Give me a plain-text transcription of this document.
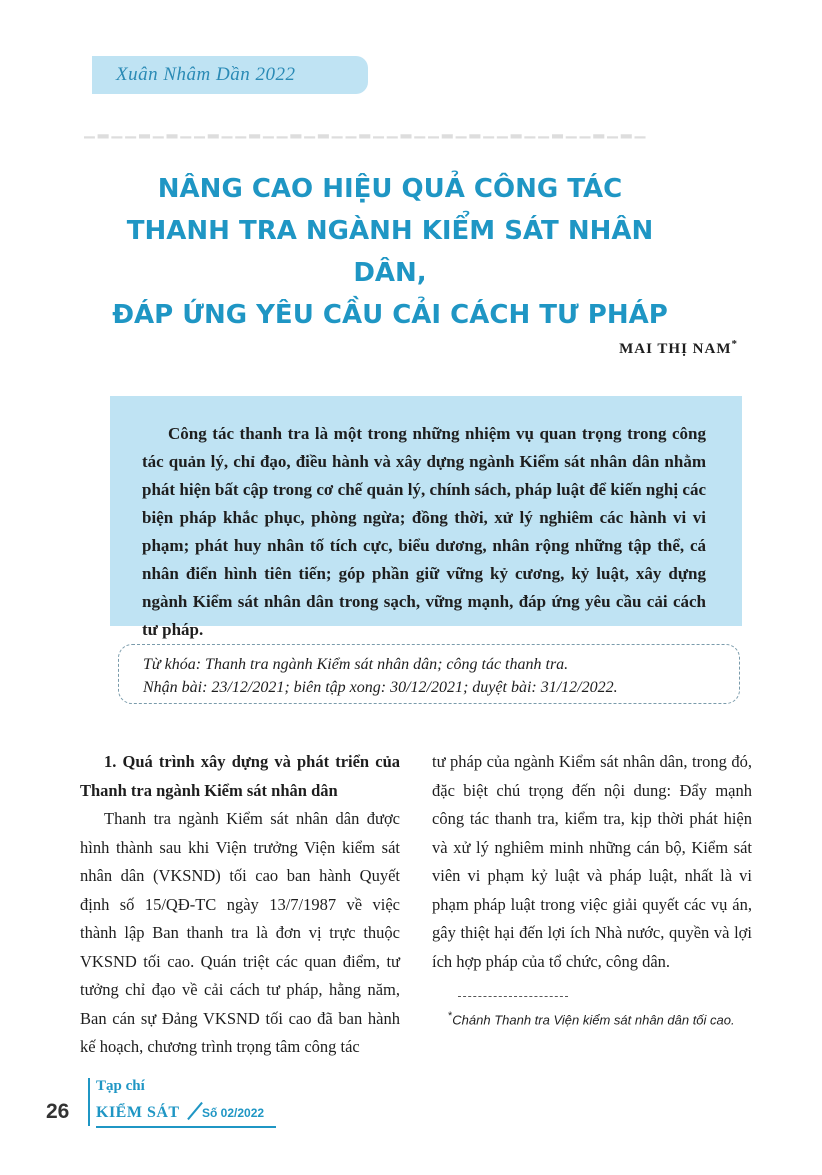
Xuân Nhâm Dần 2022
▁▂▁▁▂▁▂▁▁▂▁▁▂▁▁▂▁▂▁▁▂▁▁▂▁▁▂▁▂▁▁▂▁▁▂▁▁▂▁▂▁
NÂNG CAO HIỆU QUẢ CÔNG TÁC
THANH TRA NGÀNH KIỂM SÁT NHÂN DÂN,
ĐÁP ỨNG YÊU CẦU CẢI CÁCH TƯ PHÁP
MAI THỊ NAM*

Công tác thanh tra là một trong những nhiệm vụ quan trọng trong công tác quản lý, chỉ đạo, điều hành và xây dựng ngành Kiểm sát nhân dân nhằm phát hiện bất cập trong cơ chế quản lý, chính sách, pháp luật để kiến nghị các biện pháp khắc phục, phòng ngừa; đồng thời, xử lý nghiêm các hành vi vi phạm; phát huy nhân tố tích cực, biểu dương, nhân rộng những tập thể, cá nhân điển hình tiên tiến; góp phần giữ vững kỷ cương, kỷ luật, xây dựng ngành Kiểm sát nhân dân trong sạch, vững mạnh, đáp ứng yêu cầu cải cách tư pháp.

Từ khóa: Thanh tra ngành Kiểm sát nhân dân; công tác thanh tra.
Nhận bài: 23/12/2021; biên tập xong: 30/12/2021; duyệt bài: 31/12/2022.

1. Quá trình xây dựng và phát triển của Thanh tra ngành Kiểm sát nhân dân

Thanh tra ngành Kiểm sát nhân dân được hình thành sau khi Viện trưởng Viện kiểm sát nhân dân (VKSND) tối cao ban hành Quyết định số 15/QĐ-TC ngày 13/7/1987 về việc thành lập Ban thanh tra là đơn vị trực thuộc VKSND tối cao. Quán triệt các quan điểm, tư tưởng chỉ đạo về cải cách tư pháp, hằng năm, Ban cán sự Đảng VKSND tối cao đã ban hành kế hoạch, chương trình trọng tâm công tác

tư pháp của ngành Kiểm sát nhân dân, trong đó, đặc biệt chú trọng đến nội dung: Đẩy mạnh công tác thanh tra, kiểm tra, kịp thời phát hiện và xử lý nghiêm minh những cán bộ, Kiểm sát viên vi phạm kỷ luật và pháp luật, nhất là vi phạm pháp luật trong việc giải quyết các vụ án, gây thiệt hại đến lợi ích Nhà nước, quyền và lợi ích hợp pháp của tổ chức, công dân.

*Chánh Thanh tra Viện kiểm sát nhân dân tối cao.
26
Tạp chí
KIỂM SÁT Số 02/2022
